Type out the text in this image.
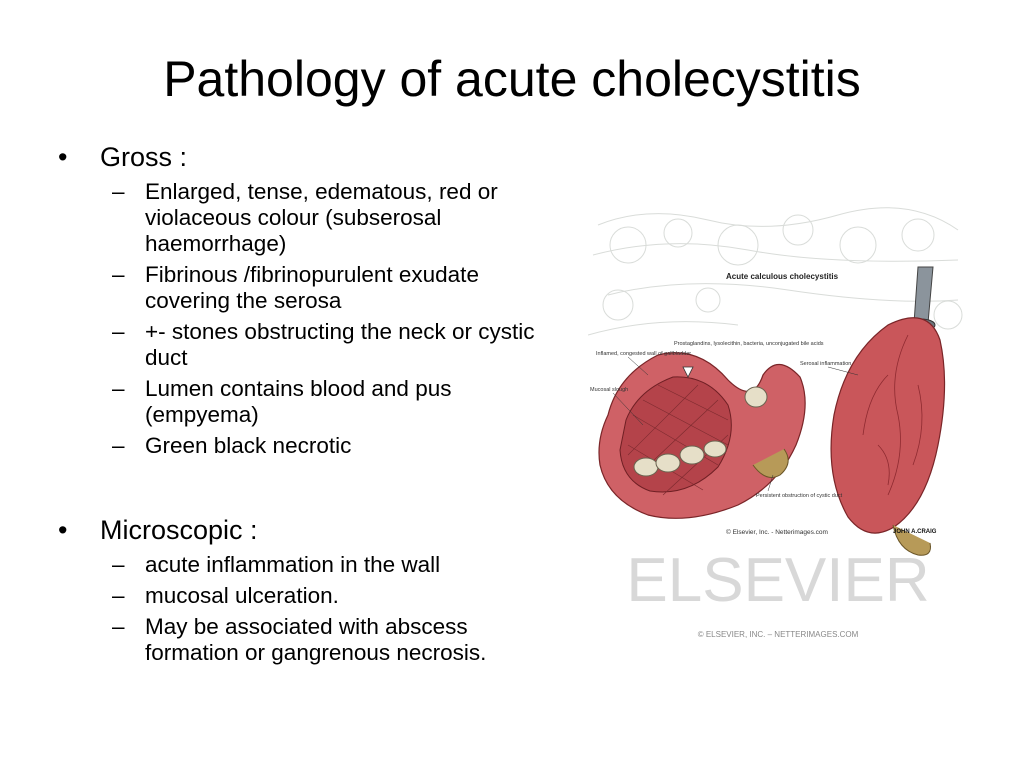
Pathology of acute cholecystitis
• Gross :
– Enlarged, tense, edematous, red or violaceous colour (subserosal haemorrhage)
– Fibrinous /fibrinopurulent exudate covering the serosa
– +- stones obstructing the neck or cystic duct
– Lumen contains blood and pus (empyema)
– Green black necrotic
• Microscopic :
– acute inflammation in the wall
– mucosal ulceration.
– May be associated with abscess formation or gangrenous necrosis.
Acute calculous cholecystitis
Inflamed, congested wall of gallbladder
Prostaglandins, lysolecithin, bacteria, unconjugated bile acids
Serosal inflammation
Mucosal slough
Persistent obstruction of cystic duct
© Elsevier, Inc. - Netterimages.com	JOHN A.CRAIG
ELSEVIER
© ELSEVIER, INC. – NETTERIMAGES.COM
